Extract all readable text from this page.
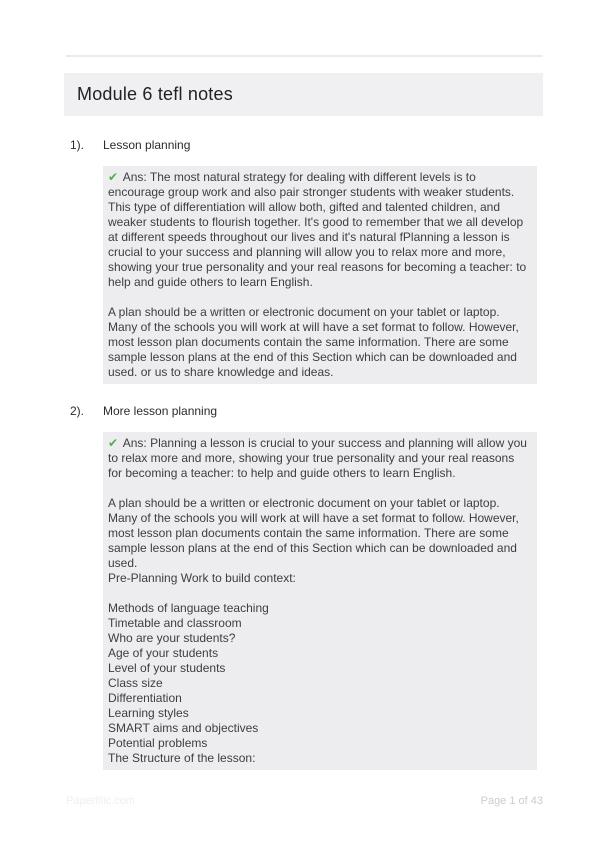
Module 6 tefl notes
1).	Lesson planning
✔ Ans: The most natural strategy for dealing with different levels is to encourage group work and also pair stronger students with weaker students. This type of differentiation will allow both, gifted and talented children, and weaker students to flourish together. It's good to remember that we all develop at different speeds throughout our lives and it's natural fPlanning a lesson is crucial to your success and planning will allow you to relax more and more, showing your true personality and your real reasons for becoming a teacher: to help and guide others to learn English.
A plan should be a written or electronic document on your tablet or laptop. Many of the schools you will work at will have a set format to follow. However, most lesson plan documents contain the same information. There are some sample lesson plans at the end of this Section which can be downloaded and used. or us to share knowledge and ideas.
2).	More lesson planning
✔ Ans: Planning a lesson is crucial to your success and planning will allow you to relax more and more, showing your true personality and your real reasons for becoming a teacher: to help and guide others to learn English.
A plan should be a written or electronic document on your tablet or laptop. Many of the schools you will work at will have a set format to follow. However, most lesson plan documents contain the same information. There are some sample lesson plans at the end of this Section which can be downloaded and used.
Pre-Planning Work to build context:
Methods of language teaching
Timetable and classroom
Who are your students?
Age of your students
Level of your students
Class size
Differentiation
Learning styles
SMART aims and objectives
Potential problems
The Structure of the lesson:
Paperfilic.com	Page 1 of 43
